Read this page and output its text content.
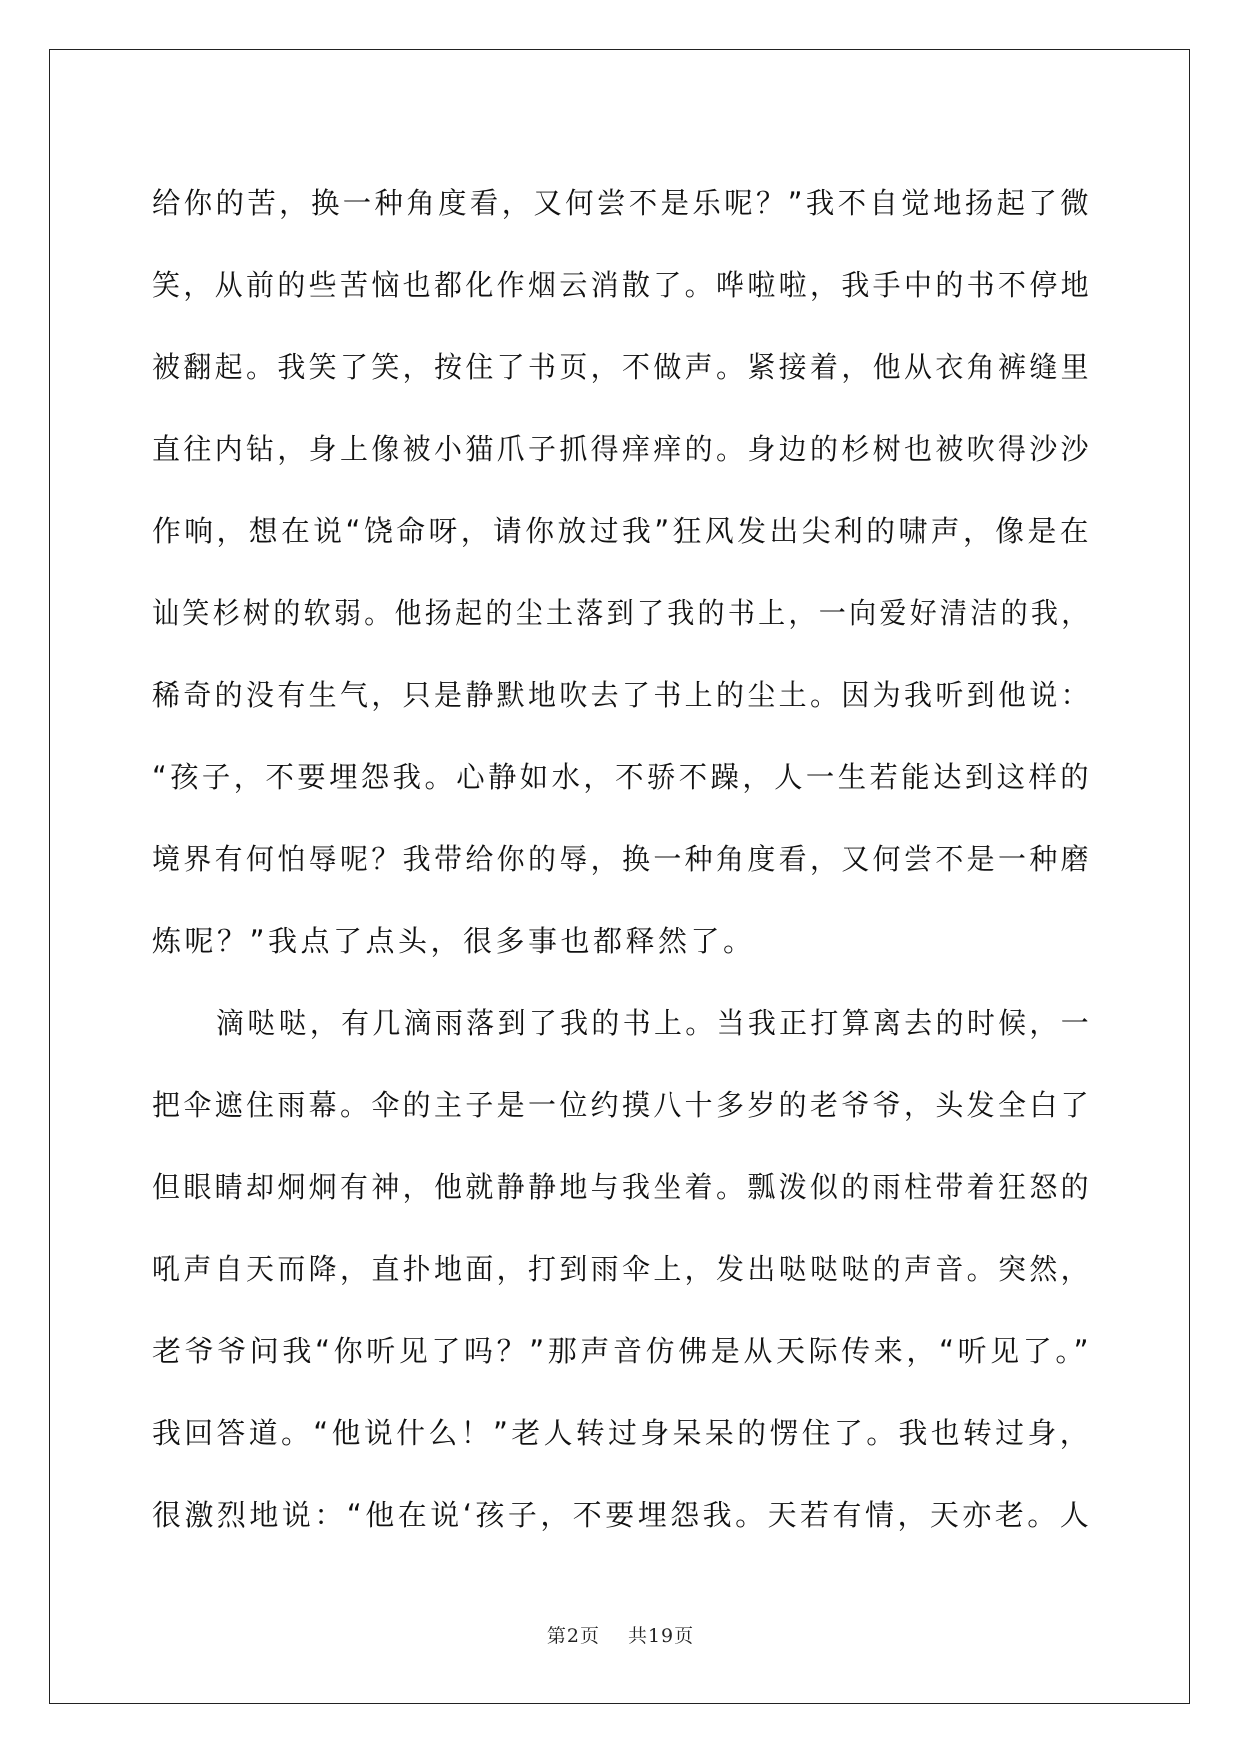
给你的苦，换一种角度看，又何尝不是乐呢？”我不自觉地扬起了微
笑，从前的些苦恼也都化作烟云消散了。哗啦啦，我手中的书不停地
被翻起。我笑了笑，按住了书页，不做声。紧接着，他从衣角裤缝里
直往内钻，身上像被小猫爪子抓得痒痒的。身边的杉树也被吹得沙沙
作响，想在说“饶命呀，请你放过我”狂风发出尖利的啸声，像是在
讪笑杉树的软弱。他扬起的尘土落到了我的书上，一向爱好清洁的我，
稀奇的没有生气，只是静默地吹去了书上的尘土。因为我听到他说：
“孩子，不要埋怨我。心静如水，不骄不躁，人一生若能达到这样的
境界有何怕辱呢？我带给你的辱，换一种角度看，又何尝不是一种磨
炼呢？”我点了点头，很多事也都释然了。
滴哒哒，有几滴雨落到了我的书上。当我正打算离去的时候，一
把伞遮住雨幕。伞的主子是一位约摸八十多岁的老爷爷，头发全白了
但眼睛却炯炯有神，他就静静地与我坐着。瓢泼似的雨柱带着狂怒的
吼声自天而降，直扑地面，打到雨伞上，发出哒哒哒的声音。突然，
老爷爷问我“你听见了吗？”那声音仿佛是从天际传来，“听见了。”
我回答道。“他说什么！”老人转过身呆呆的愣住了。我也转过身，
很激烈地说：“他在说‘孩子，不要埋怨我。天若有情，天亦老。人
第2页 共19页
